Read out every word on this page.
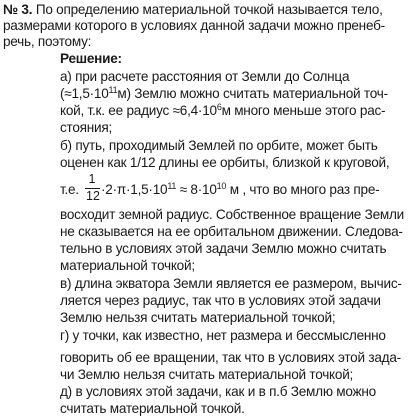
№ 3. По определению материальной точкой называется тело,
размерами которого в условиях данной задачи можно пренеб-
речь, поэтому:
Решение:
а) при расчете расстояния от Земли до Солнца
$(\approx 1,5\cdot 10^{11}м)$ Землю можно считать материальной точ-
кой, т.к. ее радиус $\approx 6,4\cdot 10^6м$ много меньше этого рас-
стояния;
б) путь, проходимый Землей по орбите, может быть
оценен как 1/12 длины ее орбиты, близкой к круговой,
т.е.
1
$12 \cdot 2\cdot\pi\cdot 1,5\cdot 10^{11} \approx 8\cdot 10^{10}$ м , что во много раз пре-
восходит земной радиус. Собственное вращение Земли
не сказывается на ее орбитальном движении. Следова-
тельно в условиях этой задачи Землю можно считать
материальной точкой;
в) длина экватора Земли является ее размером, вычис-
ляется через радиус, так что в условиях этой задачи
Землю нельзя считать материальной точкой;
г) у точки, как известно, нет размера и бессмысленно
говорить об ее вращении, так что в условиях этой зада-
чи Землю нельзя считать материальной точкой;
д) в условиях этой задачи, как и в п.б Землю можно
считать материальной точкой.
